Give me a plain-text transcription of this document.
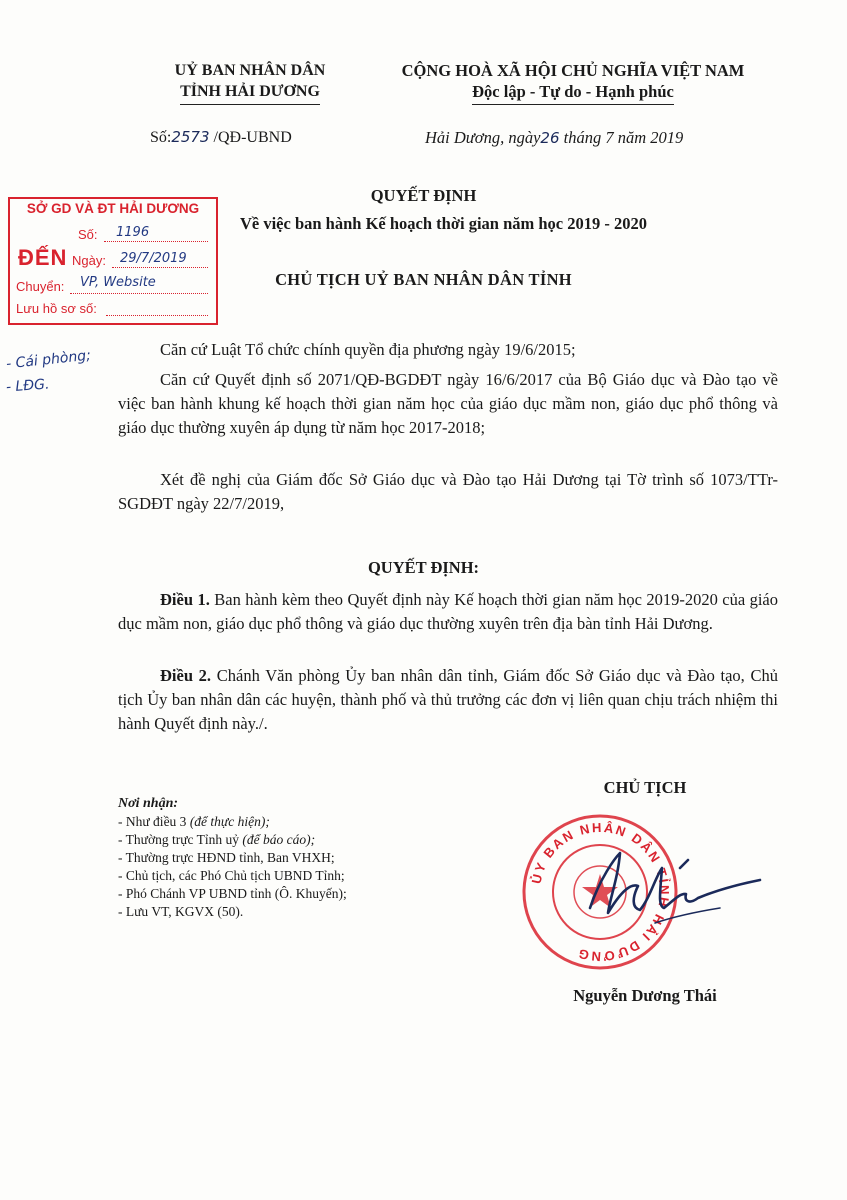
UỶ BAN NHÂN DÂN
TỈNH HẢI DƯƠNG
CỘNG HOÀ XÃ HỘI CHỦ NGHĨA VIỆT NAM
Độc lập - Tự do - Hạnh phúc
Số:2573 /QĐ-UBND	Hải Dương, ngày26 tháng 7 năm 2019
QUYẾT ĐỊNH
Về việc ban hành Kế hoạch thời gian năm học 2019 - 2020
CHỦ TỊCH UỶ BAN NHÂN DÂN TỈNH
Căn cứ Luật Tổ chức chính quyền địa phương ngày 19/6/2015;
Căn cứ Quyết định số 2071/QĐ-BGDĐT ngày 16/6/2017 của Bộ Giáo dục và Đào tạo về việc ban hành khung kế hoạch thời gian năm học của giáo dục mầm non, giáo dục phổ thông và giáo dục thường xuyên áp dụng từ năm học 2017-2018;
Xét đề nghị của Giám đốc Sở Giáo dục và Đào tạo Hải Dương tại Tờ trình số 1073/TTr-SGDĐT ngày 22/7/2019,
QUYẾT ĐỊNH:
Điều 1. Ban hành kèm theo Quyết định này Kế hoạch thời gian năm học 2019-2020 của giáo dục mầm non, giáo dục phổ thông và giáo dục thường xuyên trên địa bàn tỉnh Hải Dương.
Điều 2. Chánh Văn phòng Ủy ban nhân dân tỉnh, Giám đốc Sở Giáo dục và Đào tạo, Chủ tịch Ủy ban nhân dân các huyện, thành phố và thủ trưởng các đơn vị liên quan chịu trách nhiệm thi hành Quyết định này./.
Nơi nhận:
- Như điều 3 (để thực hiện);
- Thường trực Tỉnh uỷ (để báo cáo);
- Thường trực HĐND tỉnh, Ban VHXH;
- Chủ tịch, các Phó Chủ tịch UBND Tỉnh;
- Phó Chánh VP UBND tỉnh (Ô. Khuyến);
- Lưu VT, KGVX (50).
CHỦ TỊCH
ỦY BAN NHÂN DÂN TỈNH HẢI DƯƠNG
Nguyễn Dương Thái
SỞ GD VÀ ĐT HẢI DƯƠNG
ĐẾN
Số: 1196
Ngày: 29/7/2019
Chuyển: VP, Website
Lưu hồ sơ số:
- Cái phòng;
- LĐG.
